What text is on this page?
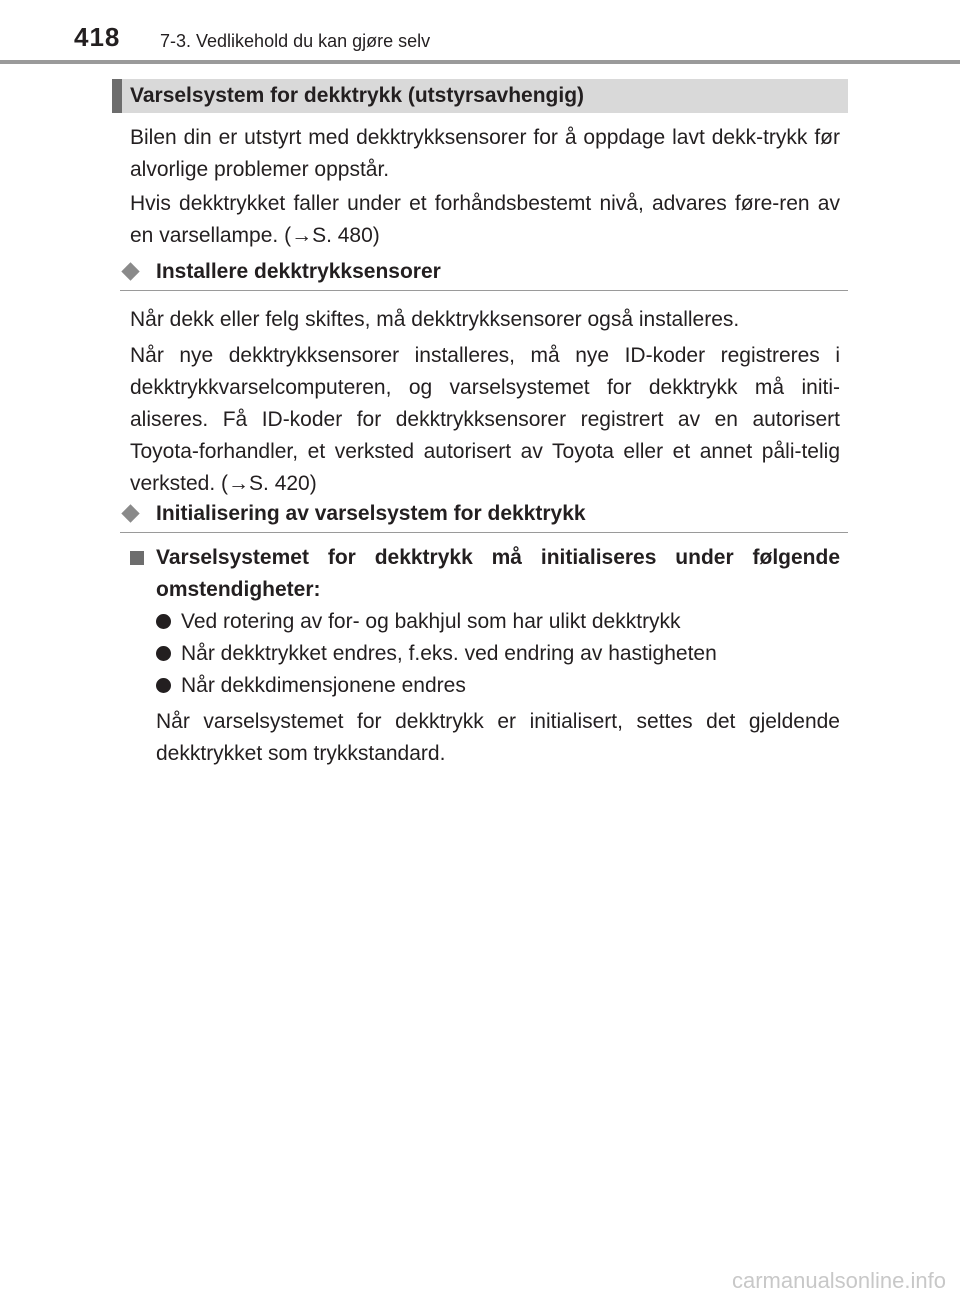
418 7-3. Vedlikehold du kan gjøre selv
Varselsystem for dekktrykk (utstyrsavhengig)

Bilen din er utstyrt med dekktrykksensorer for å oppdage lavt dekk-trykk før alvorlige problemer oppstår.

Hvis dekktrykket faller under et forhåndsbestemt nivå, advares føre-ren av en varsellampe. (→S. 480)

Installere dekktrykksensorer

Når dekk eller felg skiftes, må dekktrykksensorer også installeres.

Når nye dekktrykksensorer installeres, må nye ID-koder registreres i dekktrykkvarselcomputeren, og varselsystemet for dekktrykk må initi-aliseres. Få ID-koder for dekktrykksensorer registrert av en autorisert Toyota-forhandler, et verksted autorisert av Toyota eller et annet påli-telig verksted. (→S. 420)

Initialisering av varselsystem for dekktrykk

Varselsystemet for dekktrykk må initialiseres under følgende omstendigheter:

Ved rotering av for- og bakhjul som har ulikt dekktrykk
Når dekktrykket endres, f.eks. ved endring av hastigheten
Når dekkdimensjonene endres

Når varselsystemet for dekktrykk er initialisert, settes det gjeldende dekktrykket som trykkstandard.

carmanualsonline.info
